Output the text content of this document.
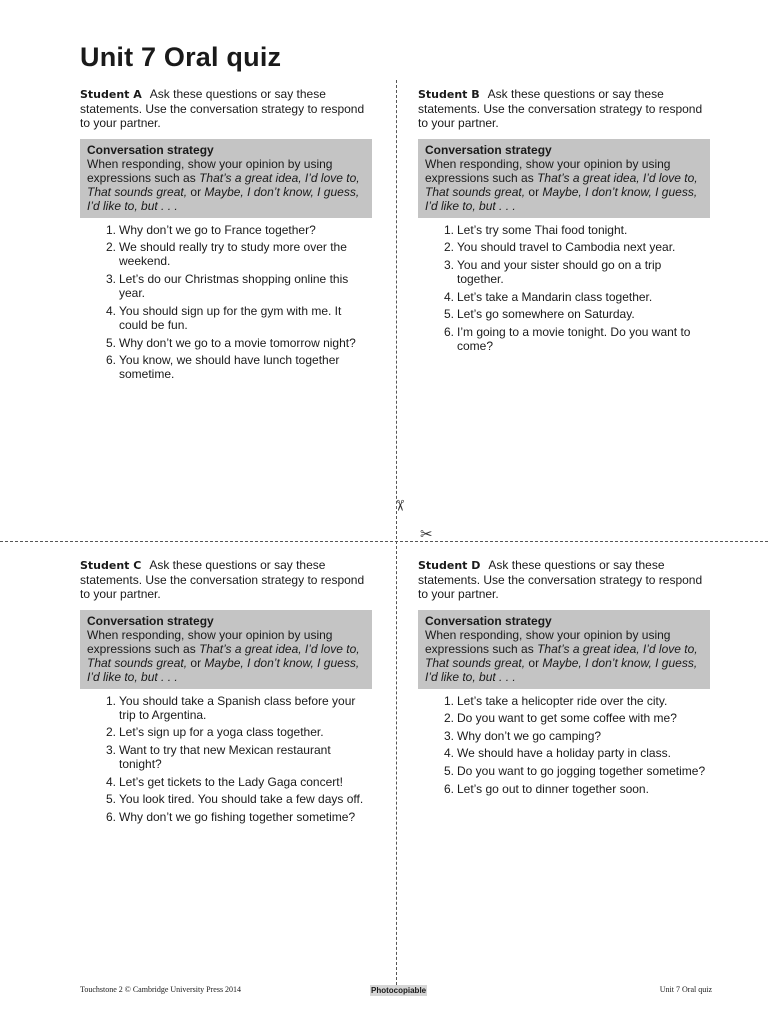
Unit 7 Oral quiz
✂
✂

Student A Ask these questions or say these statements. Use the conversation strategy to respond to your partner.

Conversation strategy

When responding, show your opinion by using expressions such as That’s a great idea, I’d love to, That sounds great, or Maybe, I don’t know, I guess, I’d like to, but . . .

1. Why don’t we go to France together?
2. We should really try to study more over the weekend.
3. Let’s do our Christmas shopping online this year.
4. You should sign up for the gym with me. It could be fun.
5. Why don’t we go to a movie tomorrow night?
6. You know, we should have lunch together sometime.

Student B Ask these questions or say these statements. Use the conversation strategy to respond to your partner.

Conversation strategy

When responding, show your opinion by using expressions such as That’s a great idea, I’d love to, That sounds great, or Maybe, I don’t know, I guess, I’d like to, but . . .

1. Let’s try some Thai food tonight.
2. You should travel to Cambodia next year.
3. You and your sister should go on a trip together.
4. Let’s take a Mandarin class together.
5. Let’s go somewhere on Saturday.
6. I’m going to a movie tonight. Do you want to come?

Student C Ask these questions or say these statements. Use the conversation strategy to respond to your partner.

Conversation strategy

When responding, show your opinion by using expressions such as That’s a great idea, I’d love to, That sounds great, or Maybe, I don’t know, I guess, I’d like to, but . . .

1. You should take a Spanish class before your trip to Argentina.
2. Let’s sign up for a yoga class together.
3. Want to try that new Mexican restaurant tonight?
4. Let’s get tickets to the Lady Gaga concert!
5. You look tired. You should take a few days off.
6. Why don’t we go fishing together sometime?

Student D Ask these questions or say these statements. Use the conversation strategy to respond to your partner.

Conversation strategy

When responding, show your opinion by using expressions such as That’s a great idea, I’d love to, That sounds great, or Maybe, I don’t know, I guess, I’d like to, but . . .

1. Let’s take a helicopter ride over the city.
2. Do you want to get some coffee with me?
3. Why don’t we go camping?
4. We should have a holiday party in class.
5. Do you want to go jogging together sometime?
6. Let’s go out to dinner together soon.
Touchstone 2 © Cambridge University Press 2014	Photocopiable	Unit 7 Oral quiz
